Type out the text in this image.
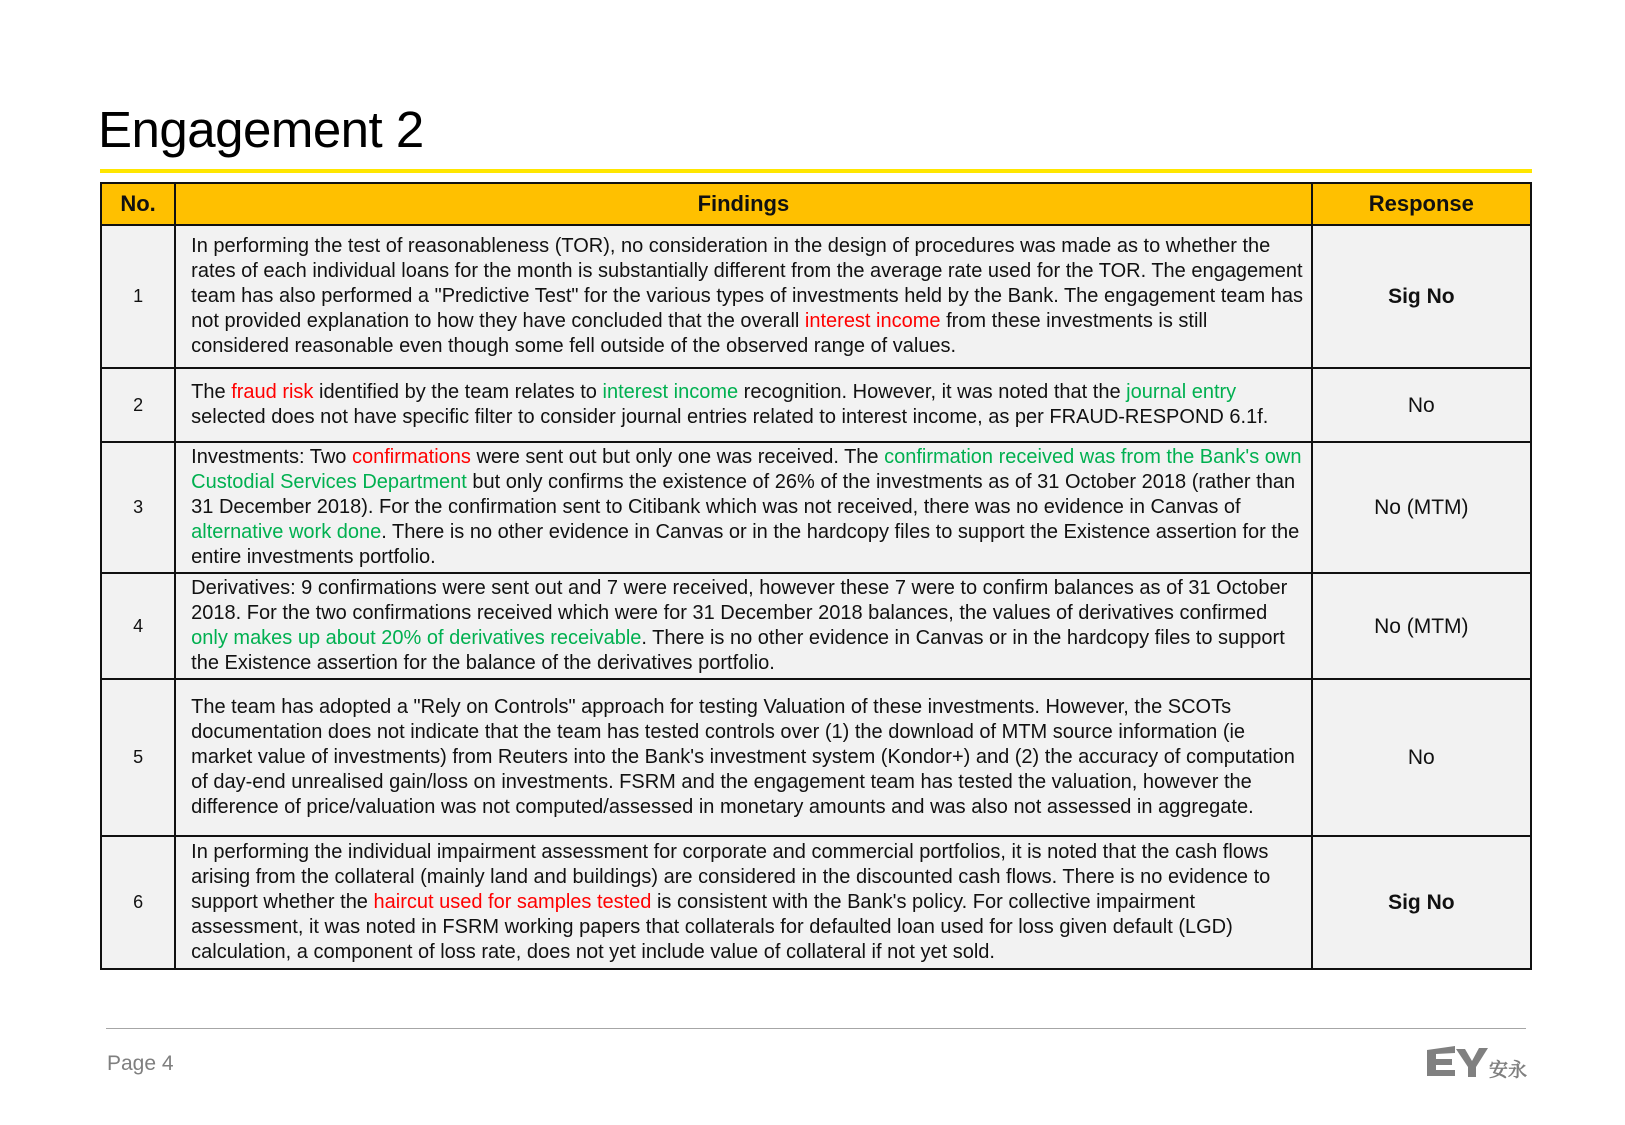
Engagement 2
No.	Findings	Response
1	In performing the test of reasonableness (TOR), no consideration in the design of procedures was made as to whether the rates of each individual loans for the month is substantially different from the average rate used for the TOR. The engagement team has also performed a "Predictive Test" for the various types of investments held by the Bank. The engagement team has not provided explanation to how they have concluded that the overall interest income from these investments is still considered reasonable even though some fell outside of the observed range of values.	Sig No
2	The fraud risk identified by the team relates to interest income recognition. However, it was noted that the journal entry selected does not have specific filter to consider journal entries related to interest income, as per FRAUD-RESPOND 6.1f.	No
3	Investments: Two confirmations were sent out but only one was received. The confirmation received was from the Bank's own Custodial Services Department but only confirms the existence of 26% of the investments as of 31 October 2018 (rather than 31 December 2018). For the confirmation sent to Citibank which was not received, there was no evidence in Canvas of alternative work done. There is no other evidence in Canvas or in the hardcopy files to support the Existence assertion for the entire investments portfolio.	No (MTM)
4	Derivatives: 9 confirmations were sent out and 7 were received, however these 7 were to confirm balances as of 31 October 2018. For the two confirmations received which were for 31 December 2018 balances, the values of derivatives confirmed only makes up about 20% of derivatives receivable. There is no other evidence in Canvas or in the hardcopy files to support the Existence assertion for the balance of the derivatives portfolio.	No (MTM)
5	The team has adopted a "Rely on Controls" approach for testing Valuation of these investments. However, the SCOTs documentation does not indicate that the team has tested controls over (1) the download of MTM source information (ie market value of investments) from Reuters into the Bank's investment system (Kondor+) and (2) the accuracy of computation of day-end unrealised gain/loss on investments. FSRM and the engagement team has tested the valuation, however the difference of price/valuation was not computed/assessed in monetary amounts and was also not assessed in aggregate.	No
6	In performing the individual impairment assessment for corporate and commercial portfolios, it is noted that the cash flows arising from the collateral (mainly land and buildings) are considered in the discounted cash flows. There is no evidence to support whether the haircut used for samples tested is consistent with the Bank's policy. For collective impairment assessment, it was noted in FSRM working papers that collaterals for defaulted loan used for loss given default (LGD) calculation, a component of loss rate, does not yet include value of collateral if not yet sold.	Sig No
Page 4	安永
